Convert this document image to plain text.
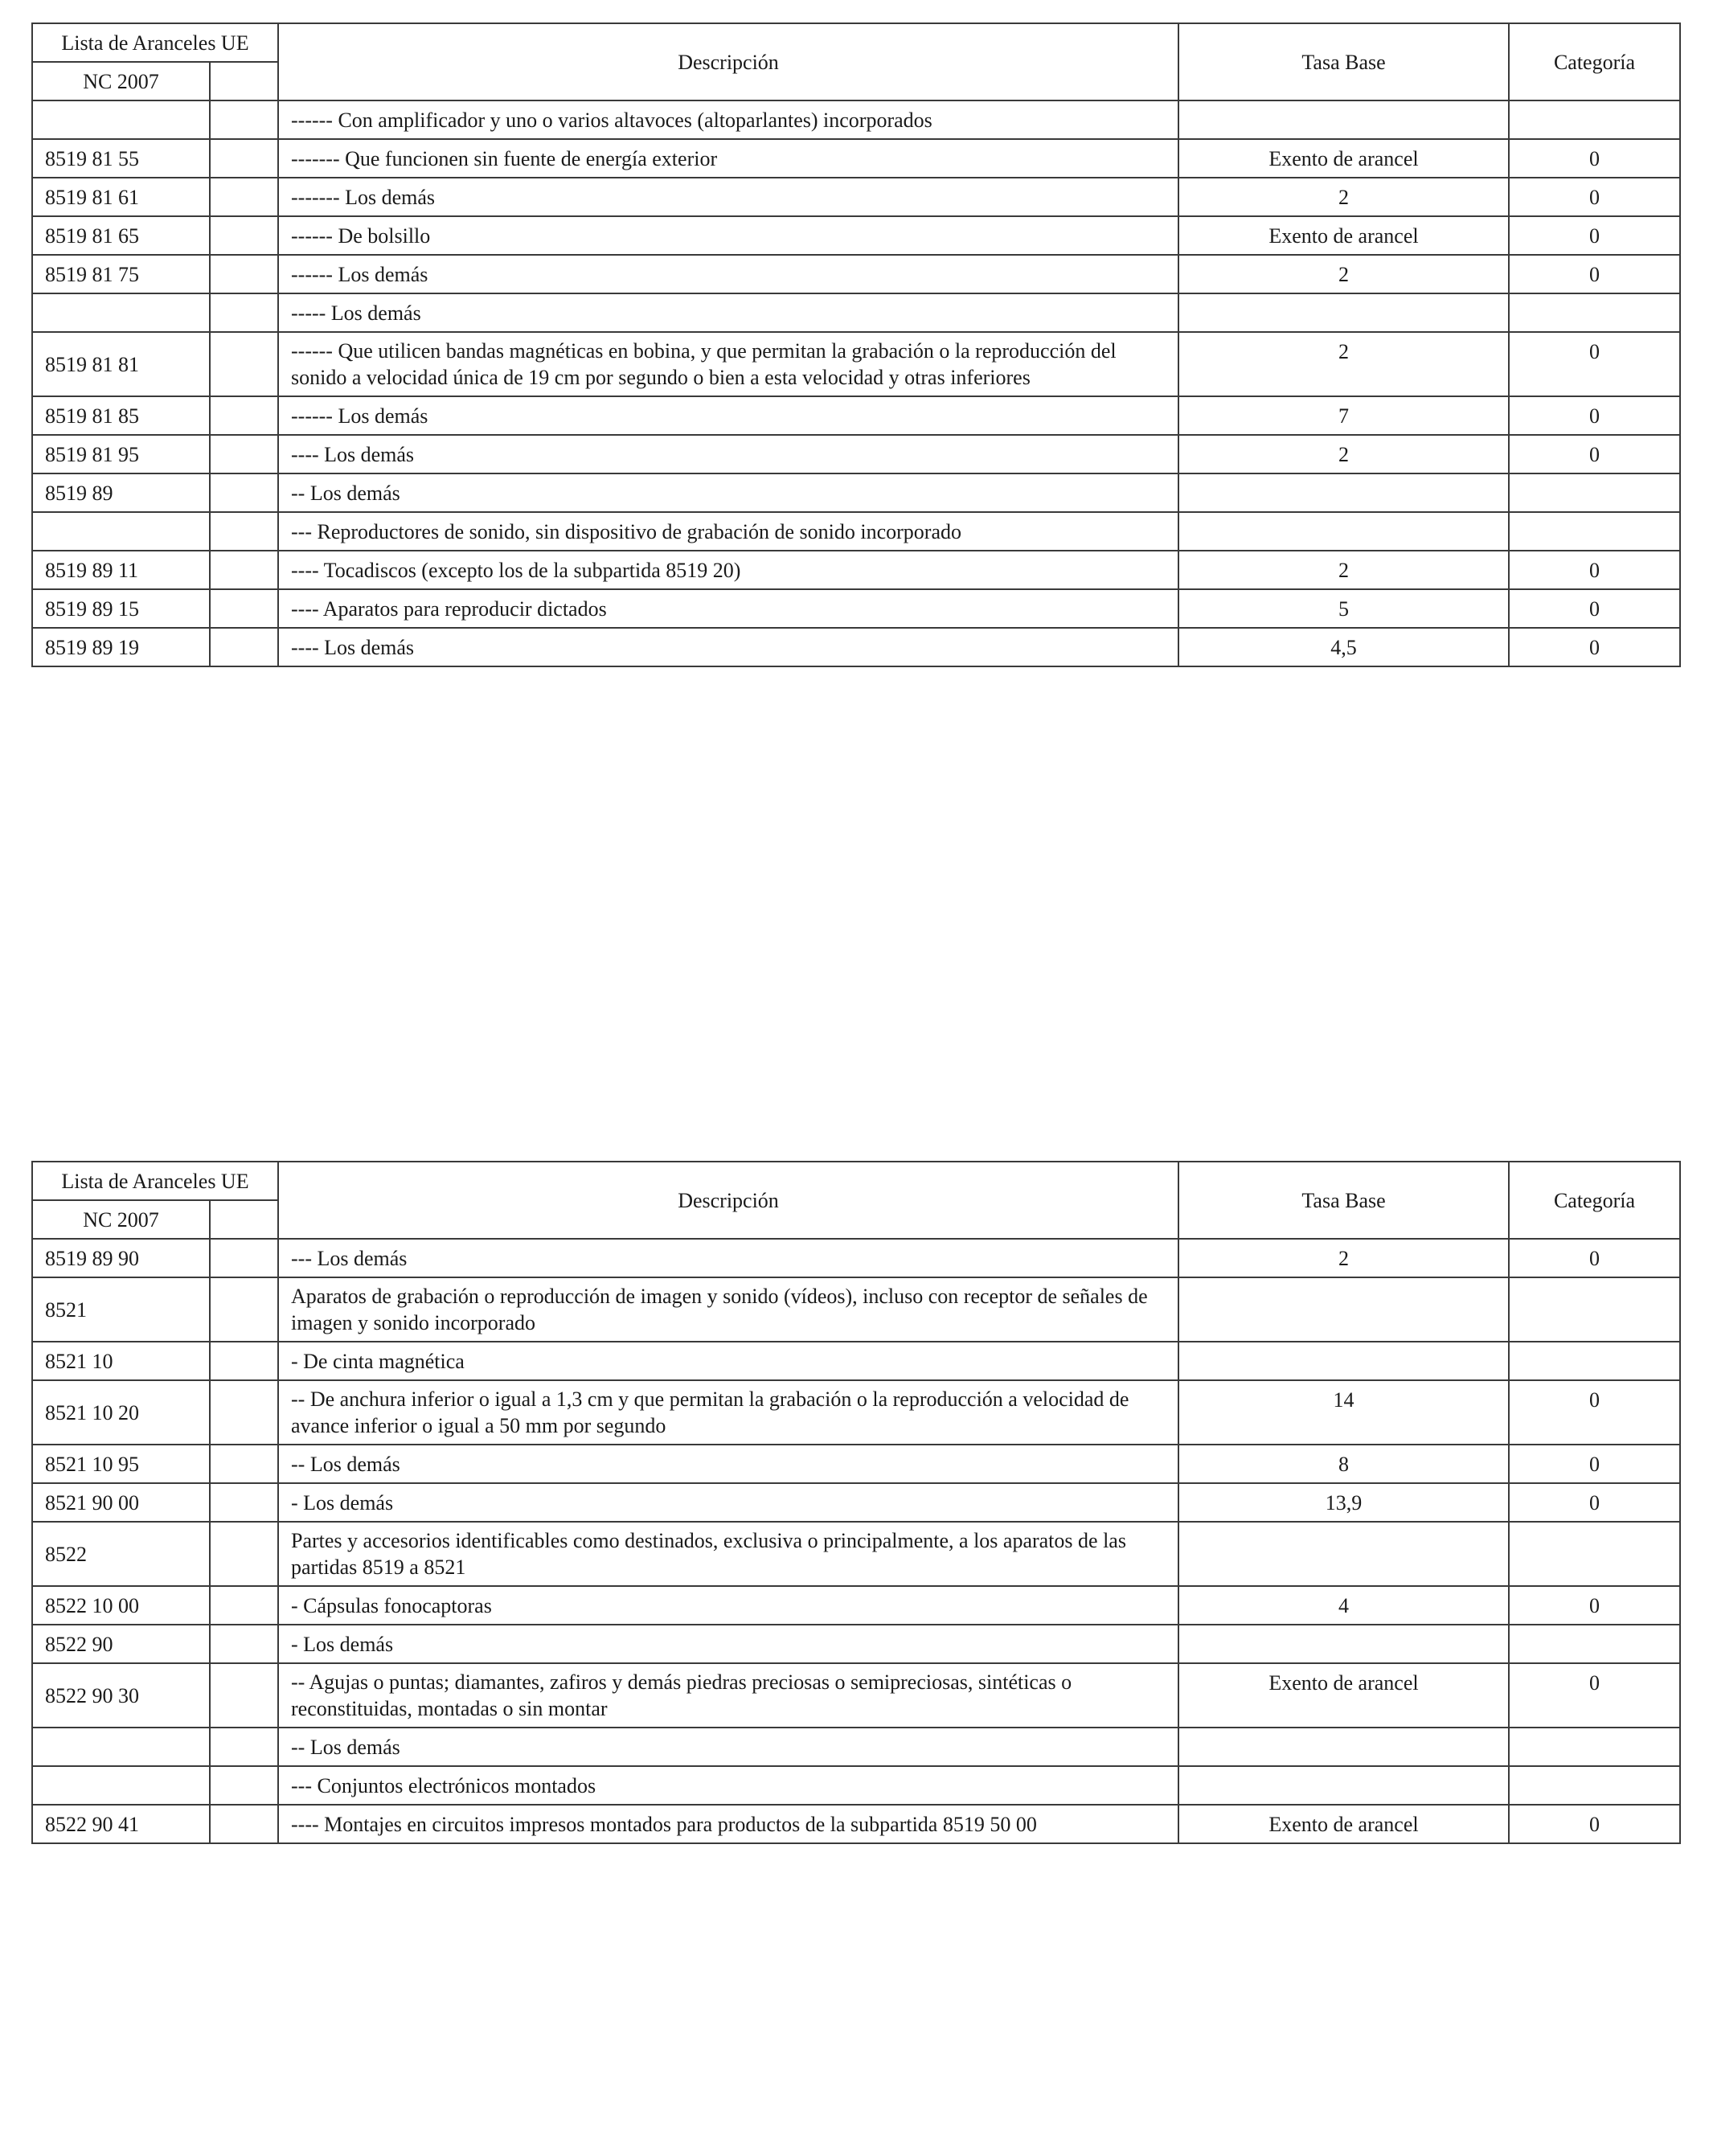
Lista de Aranceles UE		Descripción	Tasa Base	Categoría
NC 2007				
		------ Con amplificador y uno o varios altavoces (altoparlantes) incorporados		
8519 81 55		------- Que funcionen sin fuente de energía exterior	Exento de arancel	0
8519 81 61		------- Los demás	2	0
8519 81 65		------ De bolsillo	Exento de arancel	0
8519 81 75		------ Los demás	2	0
		----- Los demás		
8519 81 81		------ Que utilicen bandas magnéticas en bobina, y que permitan la grabación o la reproducción del sonido a velocidad única de 19 cm por segundo o bien a esta velocidad y otras inferiores	2	0
8519 81 85		------ Los demás	7	0
8519 81 95		---- Los demás	2	0
8519 89		-- Los demás		
		--- Reproductores de sonido, sin dispositivo de grabación de sonido incorporado		
8519 89 11		---- Tocadiscos (excepto los de la subpartida 8519 20)	2	0
8519 89 15		---- Aparatos para reproducir dictados	5	0
8519 89 19		---- Los demás	4,5	0
Lista de Aranceles UE		Descripción	Tasa Base	Categoría
NC 2007				
8519 89 90		--- Los demás	2	0
8521		Aparatos de grabación o reproducción de imagen y sonido (vídeos), incluso con receptor de señales de imagen y sonido incorporado		
8521 10		- De cinta magnética		
8521 10 20		-- De anchura inferior o igual a 1,3 cm y que permitan la grabación o la reproducción a velocidad de avance inferior o igual a 50 mm por segundo	14	0
8521 10 95		-- Los demás	8	0
8521 90 00		- Los demás	13,9	0
8522		Partes y accesorios identificables como destinados, exclusiva o principalmente, a los aparatos de las partidas 8519 a 8521		
8522 10 00		- Cápsulas fonocaptoras	4	0
8522 90		- Los demás		
8522 90 30		-- Agujas o puntas; diamantes, zafiros y demás piedras preciosas o semipreciosas, sintéticas o reconstituidas, montadas o sin montar	Exento de arancel	0
		-- Los demás		
		--- Conjuntos electrónicos montados		
8522 90 41		---- Montajes en circuitos impresos montados para productos de la subpartida 8519 50 00	Exento de arancel	0
